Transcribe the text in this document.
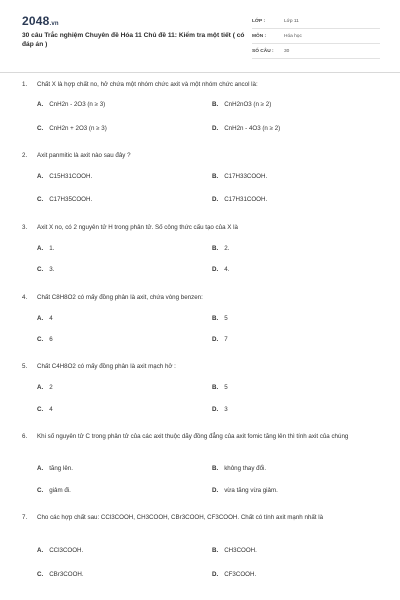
2048.vn
30 câu Trắc nghiệm Chuyên đề Hóa 11 Chủ đề 11: Kiểm tra một tiết ( có đáp án )
LỚP :	Lớp 11
MÔN :	Hóa học
SỐ CÂU : 30
1. Chất X là hợp chất no, hở chứa một nhóm chức axit và một nhóm chức ancol là:
A. CnH2n - 2O3 (n ≥ 3)	B. CnH2nO3 (n ≥ 2)
C. CnH2n + 2O3 (n ≥ 3)	D. CnH2n - 4O3 (n ≥ 2)
2. Axit panmitic là axit nào sau đây ?
A. C15H31COOH.	B. C17H33COOH.
C. C17H35COOH.	D. C17H31COOH.
3. Axit X no, có 2 nguyên tử H trong phân tử. Số công thức cấu tạo của X là
A. 1.	B. 2.
C. 3.	D. 4.
4. Chất C8H8O2 có mấy đồng phân là axit, chứa vòng benzen:
A. 4	B. 5
C. 6	D. 7
5. Chất C4H8O2 có mấy đồng phân là axit mạch hở :
A. 2	B. 5
C. 4	D. 3
6. Khi số nguyên tử C trong phân tử của các axit thuộc dãy đồng đẳng của axit fomic tăng lên thì tính axit của chúng
A. tăng lên.	B. không thay đổi.
C. giảm đi.	D. vừa tăng vừa giảm.
7. Cho các hợp chất sau: CCl3COOH, CH3COOH, CBr3COOH, CF3COOH. Chất có tính axit mạnh nhất là
A. CCl3COOH.	B. CH3COOH.
C. CBr3COOH.	D. CF3COOH.
